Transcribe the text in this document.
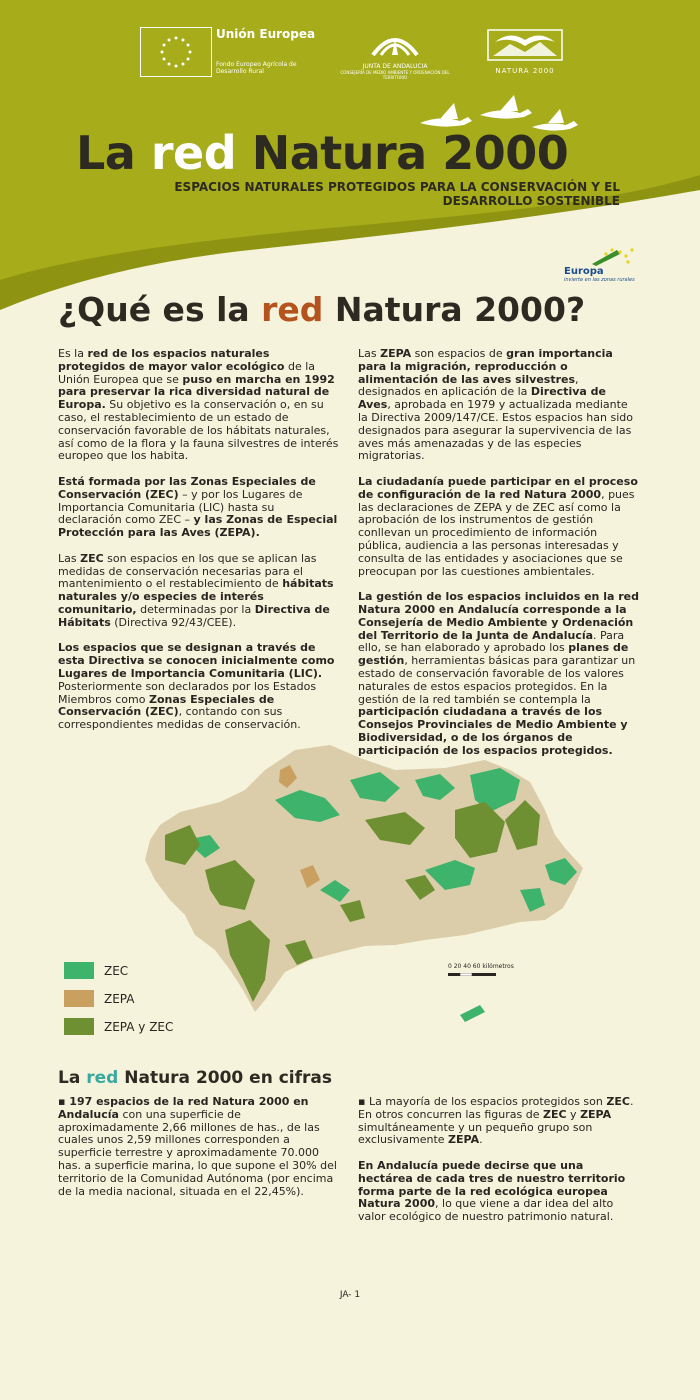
Unión Europea
Fondo Europeo Agrícola de Desarrollo Rural
JUNTA DE ANDALUCIA
CONSEJERÍA DE MEDIO AMBIENTE Y ORDENACIÓN DEL TERRITORIO
NATURA 2000
La red Natura 2000
ESPACIOS NATURALES PROTEGIDOS PARA LA CONSERVACIÓN Y EL DESARROLLO SOSTENIBLE
Europa
invierte en las zonas rurales
¿Qué es la red Natura 2000?

Es la red de los espacios naturales protegidos de mayor valor ecológico de la Unión Europea que se puso en marcha en 1992 para preservar la rica diversidad natural de Europa. Su objetivo es la conservación o, en su caso, el restablecimiento de un estado de conservación favorable de los hábitats naturales, así como de la flora y la fauna silvestres de interés europeo que los habita.

Está formada por las Zonas Especiales de Conservación (ZEC) – y por los Lugares de Importancia Comunitaria (LIC) hasta su declaración como ZEC – y las Zonas de Especial Protección para las Aves (ZEPA).

Las ZEC son espacios en los que se aplican las medidas de conservación necesarias para el mantenimiento o el restablecimiento de hábitats naturales y/o especies de interés comunitario, determinadas por la Directiva de Hábitats (Directiva 92/43/CEE).

Los espacios que se designan a través de esta Directiva se conocen inicialmente como Lugares de Importancia Comunitaria (LIC). Posteriormente son declarados por los Estados Miembros como Zonas Especiales de Conservación (ZEC), contando con sus correspondientes medidas de conservación.

Las ZEPA son espacios de gran importancia para la migración, reproducción o alimentación de las aves silvestres, designados en aplicación de la Directiva de Aves, aprobada en 1979 y actualizada mediante la Directiva 2009/147/CE. Estos espacios han sido designados para asegurar la supervivencia de las aves más amenazadas y de las especies migratorias.

La ciudadanía puede participar en el proceso de configuración de la red Natura 2000, pues las declaraciones de ZEPA y de ZEC así como la aprobación de los instrumentos de gestión conllevan un procedimiento de información pública, audiencia a las personas interesadas y consulta de las entidades y asociaciones que se preocupan por las cuestiones ambientales.

La gestión de los espacios incluidos en la red Natura 2000 en Andalucía corresponde a la Consejería de Medio Ambiente y Ordenación del Territorio de la Junta de Andalucía. Para ello, se han elaborado y aprobado los planes de gestión, herramientas básicas para garantizar un estado de conservación favorable de los valores naturales de estos espacios protegidos. En la gestión de la red también se contempla la participación ciudadana a través de los Consejos Provinciales de Medio Ambiente y Biodiversidad, o de los órganos de participación de los espacios protegidos.

ZEC
ZEPA
ZEPA y ZEC
0 20 40 60 kilómetros
La red Natura 2000 en cifras

▪ 197 espacios de la red Natura 2000 en Andalucía con una superficie de aproximadamente 2,66 millones de has., de las cuales unos 2,59 millones corresponden a superficie terrestre y aproximadamente 70.000 has. a superficie marina, lo que supone el 30% del territorio de la Comunidad Autónoma (por encima de la media nacional, situada en el 22,45%).

▪ La mayoría de los espacios protegidos son ZEC. En otros concurren las figuras de ZEC y ZEPA simultáneamente y un pequeño grupo son exclusivamente ZEPA.

En Andalucía puede decirse que una hectárea de cada tres de nuestro territorio forma parte de la red ecológica europea Natura 2000, lo que viene a dar idea del alto valor ecológico de nuestro patrimonio natural.

JA- 1
